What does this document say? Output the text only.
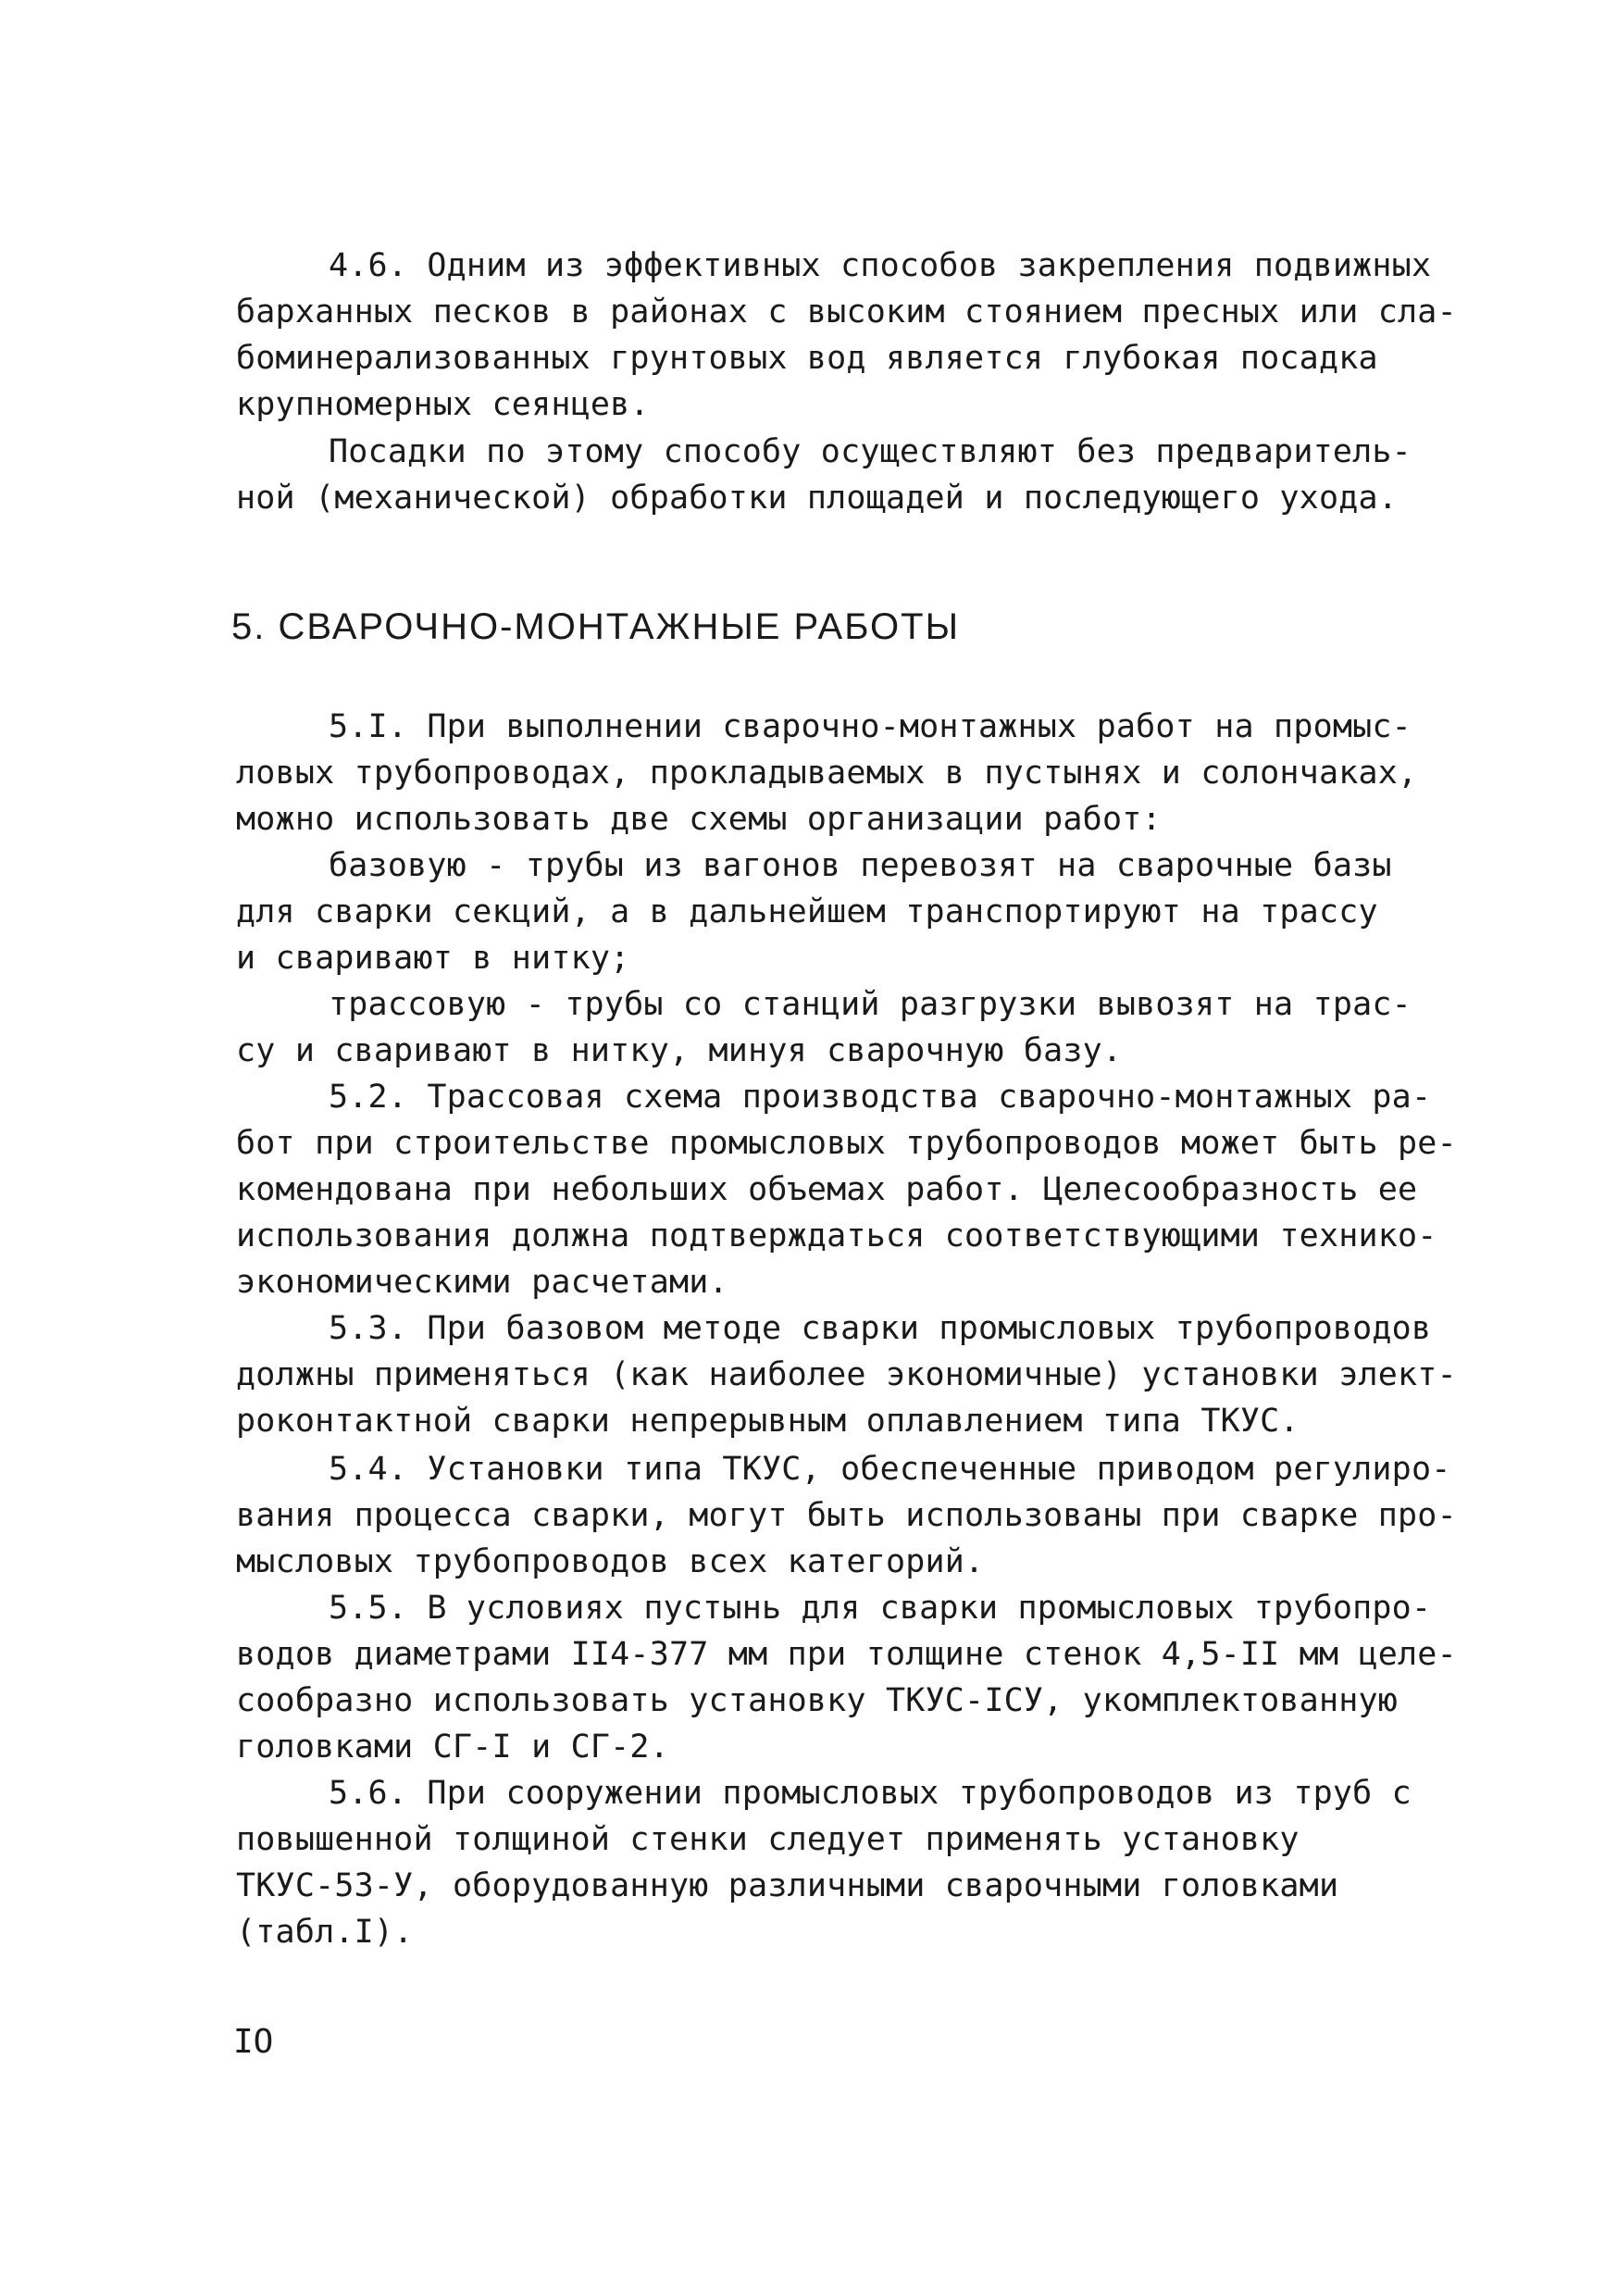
4.6. Одним из эффективных способов закрепления подвижных
барханных песков в районах с высоким стоянием пресных или сла-
боминерализованных грунтовых вод является глубокая посадка
крупномерных сеянцев.
Посадки по этому способу осуществляют без предваритель-
ной (механической) обработки площадей и последующего ухода.
5. СВАРОЧНО-МОНТАЖНЫЕ РАБОТЫ
5.I. При выполнении сварочно-монтажных работ на промыс-
ловых трубопроводах, прокладываемых в пустынях и солончаках,
можно использовать две схемы организации работ:
базовую - трубы из вагонов перевозят на сварочные базы
для сварки секций, а в дальнейшем транспортируют на трассу
и сваривают в нитку;
трассовую - трубы со станций разгрузки вывозят на трас-
су и сваривают в нитку, минуя сварочную базу.
5.2. Трассовая схема производства сварочно-монтажных ра-
бот при строительстве промысловых трубопроводов может быть ре-
комендована при небольших объемах работ. Целесообразность ее
использования должна подтверждаться соответствующими технико-
экономическими расчетами.
5.3. При базовом методе сварки промысловых трубопроводов
должны применяться (как наиболее экономичные) установки элект-
роконтактной сварки непрерывным оплавлением типа ТКУС.
5.4. Установки типа ТКУС, обеспеченные приводом регулиро-
вания процесса сварки, могут быть использованы при сварке про-
мысловых трубопроводов всех категорий.
5.5. В условиях пустынь для сварки промысловых трубопро-
водов диаметрами II4-377 мм при толщине стенок 4,5-II мм целе-
сообразно использовать установку ТКУС-IСУ, укомплектованную
головками СГ-I и СГ-2.
5.6. При сооружении промысловых трубопроводов из труб с
повышенной толщиной стенки следует применять установку
ТКУС-53-У, оборудованную различными сварочными головками
(табл.I).
IO
